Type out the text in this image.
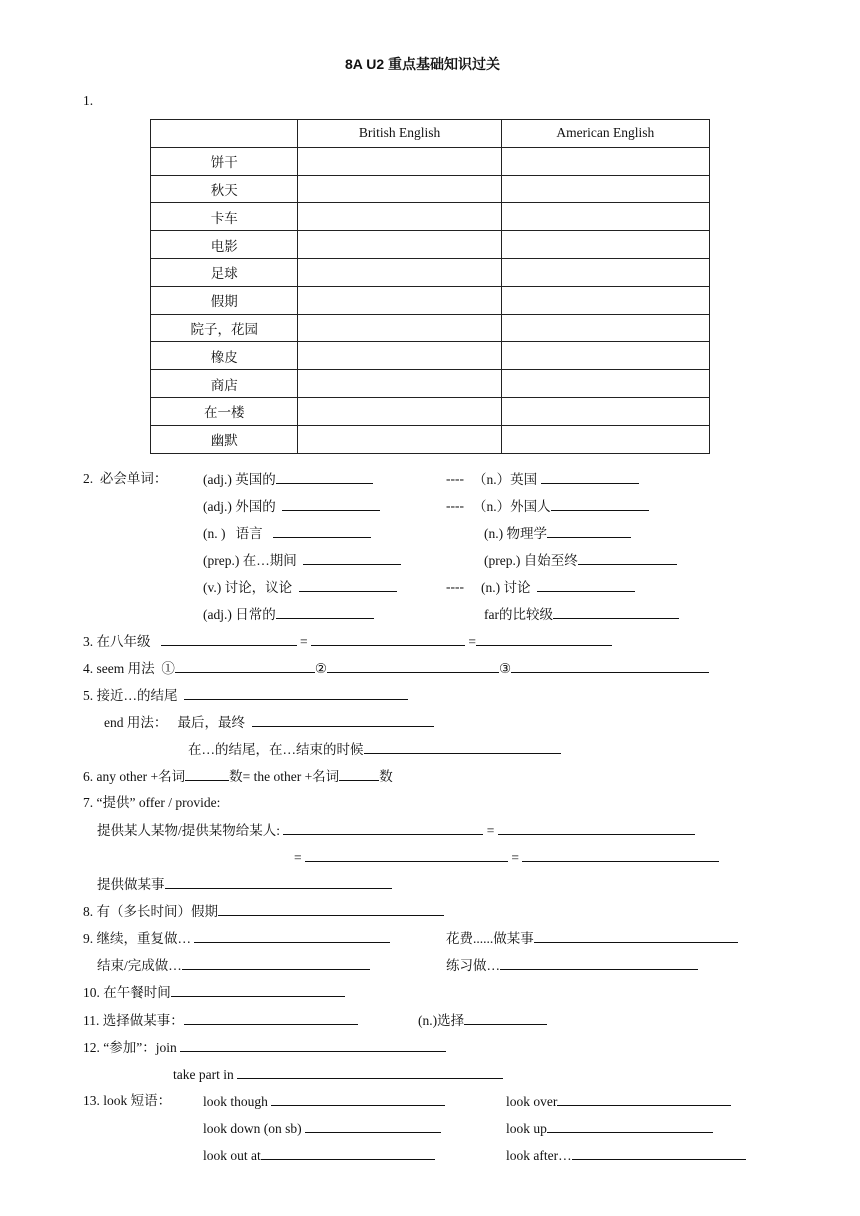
8A U2 重点基础知识过关
1.
	British English	American English
饼干		
秋天		
卡车		
电影		
足球		
假期		
院子，花园		
橡皮		
商店		
在一楼		
幽默		
2. 必会单词：	(adj.) 英国的	---- （n.）英国
(adj.) 外国的	---- （n.）外国人
(n. )   语言	(n.) 物理学
(prep.) 在…期间	(prep.) 自始至终
(v.) 讨论，议论	---- (n.) 讨论
(adj.) 日常的	far的比较级
3. 在八年级	=	=
4. seem 用法 ①	②	③
5. 接近…的结尾
end 用法： 最后，最终
在…的结尾，在…结束的时候
6. any other +名词	数= the other +名词	数
7. “提供” offer / provide:
提供某人某物/提供某物给某人:	=
=	=
提供做某事
8. 有（多长时间）假期
9. 继续，重复做…	花费......做某事
结束/完成做…	练习做…
10. 在午餐时间
11. 选择做某事：	(n.)选择
12. “参加”：join
take part in
13. look 短语： look though	look over
look down (on sb)	look up
look out at	look after…
